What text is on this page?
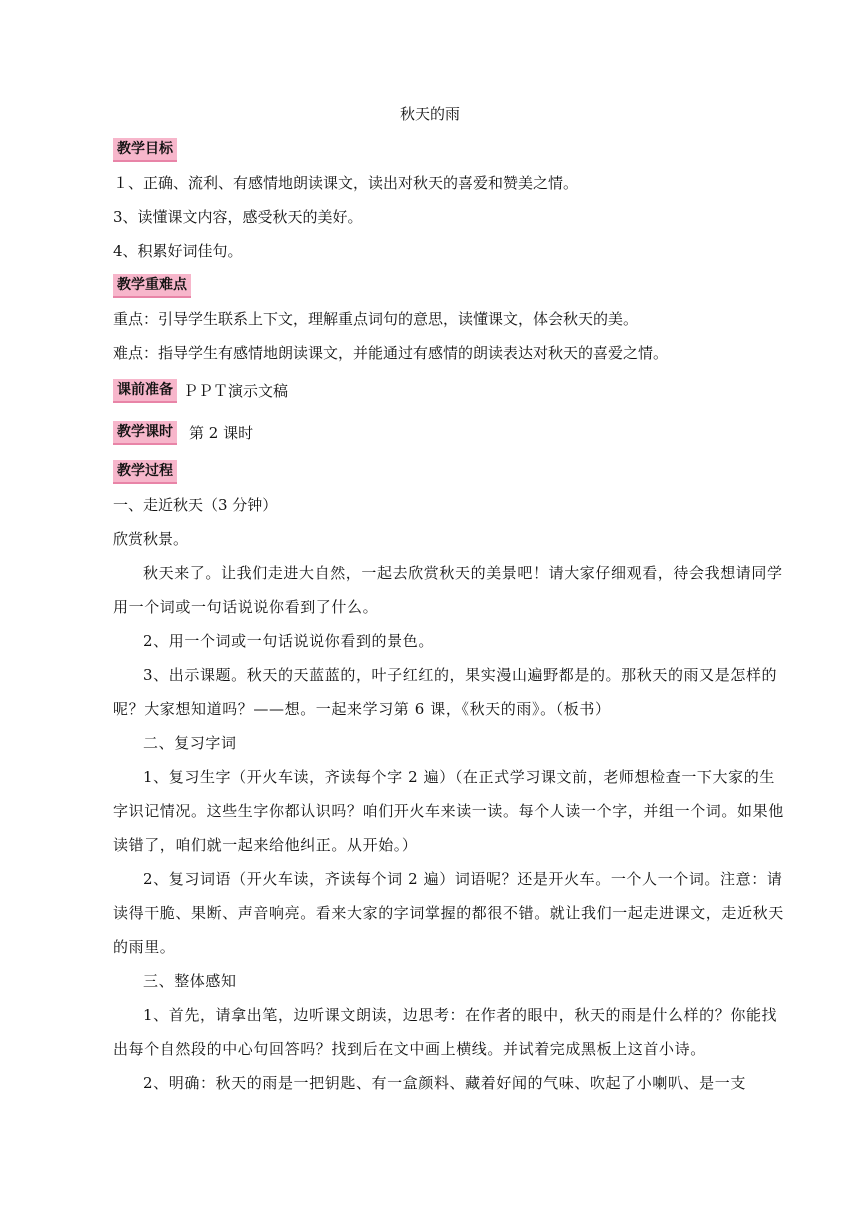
秋天的雨
教学目标
１、正确、流利、有感情地朗读课文，读出对秋天的喜爱和赞美之情。
3、读懂课文内容，感受秋天的美好。
4、积累好词佳句。
教学重难点
重点：引导学生联系上下文，理解重点词句的意思，读懂课文，体会秋天的美。
难点：指导学生有感情地朗读课文，并能通过有感情的朗读表达对秋天的喜爱之情。
课前准备 ＰＰＴ演示文稿
教学课时 第 2 课时
教学过程
一、走近秋天（3 分钟）
欣赏秋景。

秋天来了。让我们走进大自然，一起去欣赏秋天的美景吧！请大家仔细观看，待会我想请同学用一个词或一句话说说你看到了什么。

2、用一个词或一句话说说你看到的景色。

3、出示课题。秋天的天蓝蓝的，叶子红红的，果实漫山遍野都是的。那秋天的雨又是怎样的呢？大家想知道吗？——想。一起来学习第 6 课，《秋天的雨》。（板书）

二、复习字词

1、复习生字（开火车读，齐读每个字 2 遍）（在正式学习课文前，老师想检查一下大家的生字识记情况。这些生字你都认识吗？咱们开火车来读一读。每个人读一个字，并组一个词。如果他读错了，咱们就一起来给他纠正。从开始。）

2、复习词语（开火车读，齐读每个词 2 遍）词语呢？还是开火车。一个人一个词。注意：请读得干脆、果断、声音响亮。看来大家的字词掌握的都很不错。就让我们一起走进课文，走近秋天的雨里。

三、整体感知

1、首先，请拿出笔，边听课文朗读，边思考：在作者的眼中，秋天的雨是什么样的？你能找出每个自然段的中心句回答吗？找到后在文中画上横线。并试着完成黑板上这首小诗。

2、明确：秋天的雨是一把钥匙、有一盒颜料、藏着好闻的气味、吹起了小喇叭、是一支
